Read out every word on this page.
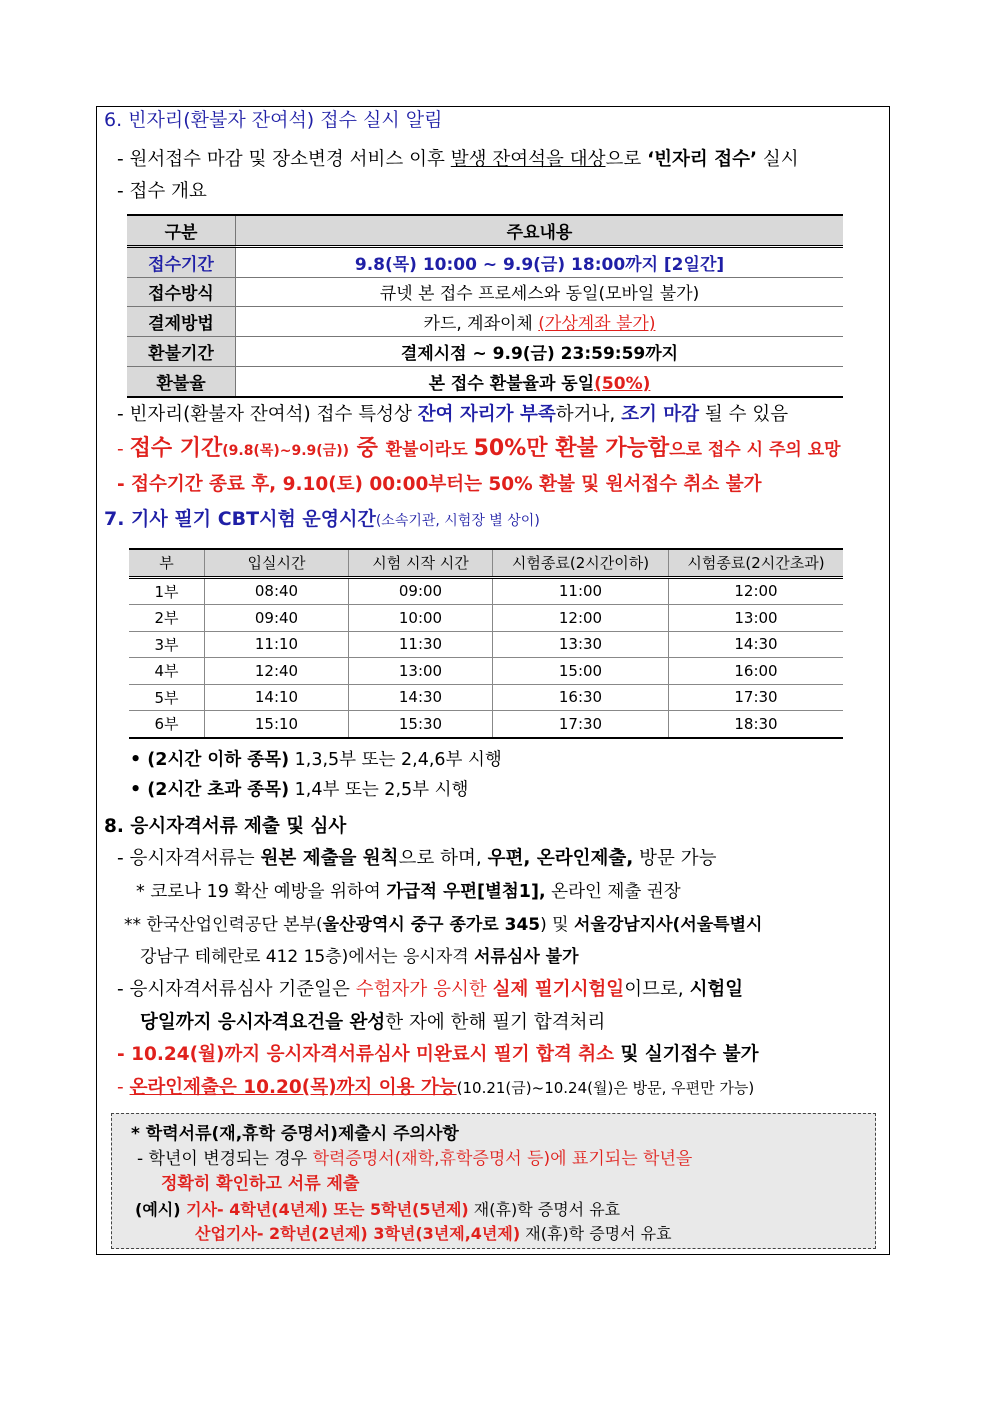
6. 빈자리(환불자 잔여석) 접수 실시 알림
- 원서접수 마감 및 장소변경 서비스 이후 발생 잔여석을 대상으로 ‘빈자리 접수’ 실시
- 접수 개요
구분	주요내용
접수기간	9.8(목) 10:00 ~ 9.9(금) 18:00까지 [2일간]
접수방식	큐넷 본 접수 프로세스와 동일(모바일 불가)
결제방법	카드, 계좌이체 (가상계좌 불가)
환불기간	결제시점 ~ 9.9(금) 23:59:59까지
환불율	본 접수 환불율과 동일(50%)
- 빈자리(환불자 잔여석) 접수 특성상 잔여 자리가 부족하거나, 조기 마감 될 수 있음
- 접수 기간(9.8(목)~9.9(금)) 중 환불이라도 50%만 환불 가능함으로 접수 시 주의 요망
- 접수기간 종료 후, 9.10(토) 00:00부터는 50% 환불 및 원서접수 취소 불가
7. 기사 필기 CBT시험 운영시간(소속기관, 시험장 별 상이)
부	입실시간	시험 시작 시간	시험종료(2시간이하)	시험종료(2시간초과)
1부	08:40	09:00	11:00	12:00
2부	09:40	10:00	12:00	13:00
3부	11:10	11:30	13:30	14:30
4부	12:40	13:00	15:00	16:00
5부	14:10	14:30	16:30	17:30
6부	15:10	15:30	17:30	18:30
• (2시간 이하 종목) 1,3,5부 또는 2,4,6부 시행
• (2시간 초과 종목) 1,4부 또는 2,5부 시행
8. 응시자격서류 제출 및 심사
- 응시자격서류는 원본 제출을 원칙으로 하며, 우편, 온라인제출, 방문 가능
* 코로나 19 확산 예방을 위하여 가급적 우편[별첨1], 온라인 제출 권장
** 한국산업인력공단 본부(울산광역시 중구 종가로 345) 및 서울강남지사(서울특별시
강남구 테헤란로 412 15층)에서는 응시자격 서류심사 불가
- 응시자격서류심사 기준일은 수험자가 응시한 실제 필기시험일이므로, 시험일
당일까지 응시자격요건을 완성한 자에 한해 필기 합격처리
- 10.24(월)까지 응시자격서류심사 미완료시 필기 합격 취소 및 실기접수 불가
- 온라인제출은 10.20(목)까지 이용 가능(10.21(금)~10.24(월)은 방문, 우편만 가능)
* 학력서류(재,휴학 증명서)제출시 주의사항
- 학년이 변경되는 경우 학력증명서(재학,휴학증명서 등)에 표기되는 학년을
정확히 확인하고 서류 제출
(예시) 기사- 4학년(4년제) 또는 5학년(5년제) 재(휴)학 증명서 유효
산업기사- 2학년(2년제) 3학년(3년제,4년제) 재(휴)학 증명서 유효
